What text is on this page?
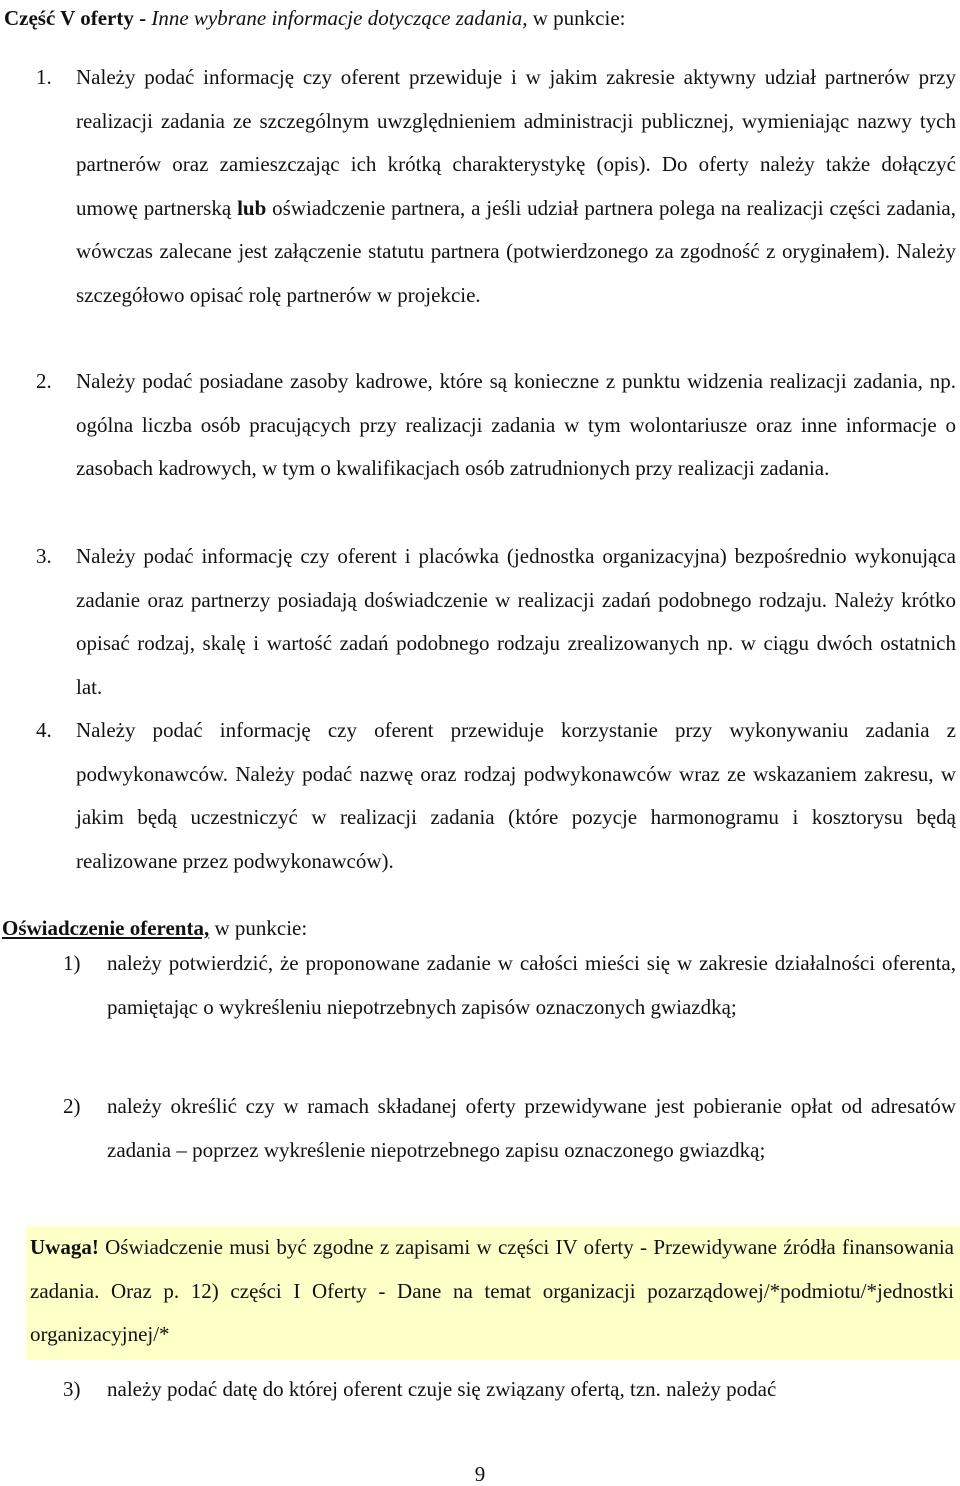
Część V oferty - Inne wybrane informacje dotyczące zadania, w punkcie:

1. Należy podać informację czy oferent przewiduje i w jakim zakresie aktywny udział partnerów przy realizacji zadania ze szczególnym uwzględnieniem administracji publicznej, wymieniając nazwy tych partnerów oraz zamieszczając ich krótką charakterystykę (opis). Do oferty należy także dołączyć umowę partnerską lub oświadczenie partnera, a jeśli udział partnera polega na realizacji części zadania, wówczas zalecane jest załączenie statutu partnera (potwierdzonego za zgodność z oryginałem). Należy szczegółowo opisać rolę partnerów w projekcie.

2. Należy podać posiadane zasoby kadrowe, które są konieczne z punktu widzenia realizacji zadania, np. ogólna liczba osób pracujących przy realizacji zadania w tym wolontariusze oraz inne informacje o zasobach kadrowych, w tym o kwalifikacjach osób zatrudnionych przy realizacji zadania.

3. Należy podać informację czy oferent i placówka (jednostka organizacyjna) bezpośrednio wykonująca zadanie oraz partnerzy posiadają doświadczenie w realizacji zadań podobnego rodzaju. Należy krótko opisać rodzaj, skalę i wartość zadań podobnego rodzaju zrealizowanych np. w ciągu dwóch ostatnich lat.

4. Należy podać informację czy oferent przewiduje korzystanie przy wykonywaniu zadania z podwykonawców. Należy podać nazwę oraz rodzaj podwykonawców wraz ze wskazaniem zakresu, w jakim będą uczestniczyć w realizacji zadania (które pozycje harmonogramu i kosztorysu będą realizowane przez podwykonawców).

Oświadczenie oferenta, w punkcie:

1) należy potwierdzić, że proponowane zadanie w całości mieści się w zakresie działalności oferenta, pamiętając o wykreśleniu niepotrzebnych zapisów oznaczonych gwiazdką;

2) należy określić czy w ramach składanej oferty przewidywane jest pobieranie opłat od adresatów zadania – poprzez wykreślenie niepotrzebnego zapisu oznaczonego gwiazdką;

Uwaga! Oświadczenie musi być zgodne z zapisami w części IV oferty - Przewidywane źródła finansowania zadania. Oraz p. 12) części I Oferty - Dane na temat organizacji pozarządowej/*podmiotu/*jednostki organizacyjnej/*

3) należy podać datę do której oferent czuje się związany ofertą, tzn. należy podać

9
